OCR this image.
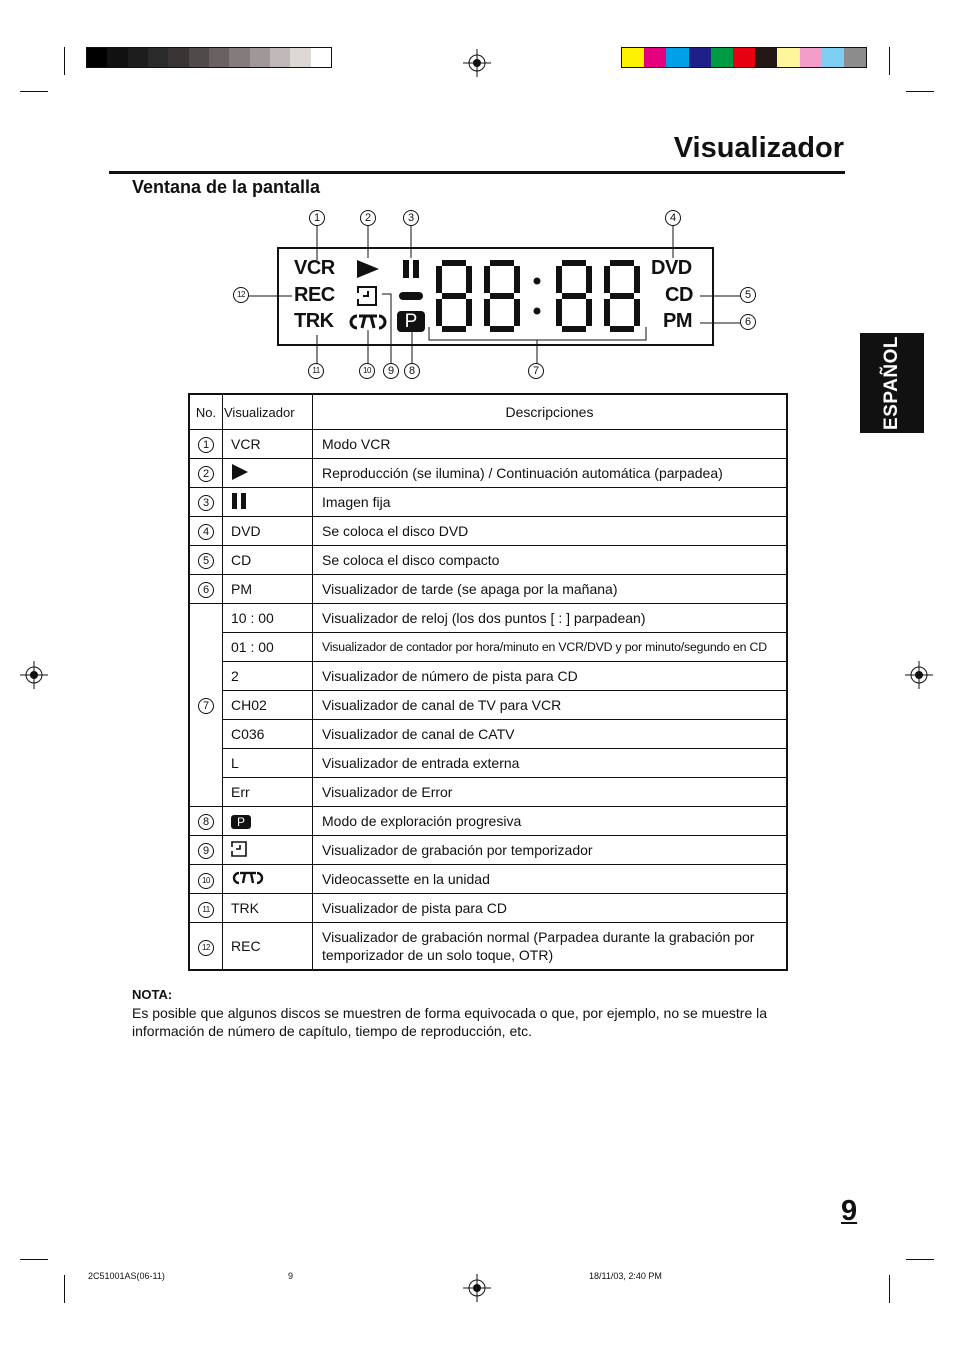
Visualizador
Ventana de la pantalla
ESPAÑOL
VCR
REC
TRK
DVD
CD
PM
P
1	2	3	4
5
6
12
11	10	9	8	7
No.	Visualizador	Descripciones
1	VCR	Modo VCR
2		Reproducción (se ilumina) / Continuación automática (parpadea)
3		Imagen fija
4	DVD	Se coloca el disco DVD
5	CD	Se coloca el disco compacto
6	PM	Visualizador de tarde (se apaga por la mañana)
7	10 : 00	Visualizador de reloj (los dos puntos [ : ] parpadean)
	01 : 00	Visualizador de contador por hora/minuto en VCR/DVD y por minuto/segundo en CD
	2	Visualizador de número de pista para CD
	CH02	Visualizador de canal de TV para VCR
	C036	Visualizador de canal de CATV
	L	Visualizador de entrada externa
	Err	Visualizador de Error
8	P	Modo de exploración progresiva
9		Visualizador de grabación por temporizador
10		Videocassette en la unidad
11	TRK	Visualizador de pista para CD
12	REC	Visualizador de grabación normal (Parpadea durante la grabación por temporizador de un solo toque, OTR)
NOTA:
Es posible que algunos discos se muestren de forma equivocada o que, por ejemplo, no se muestre la información de número de capítulo, tiempo de reproducción, etc.
9
2C51001AS(06-11)	9	18/11/03, 2:40 PM
